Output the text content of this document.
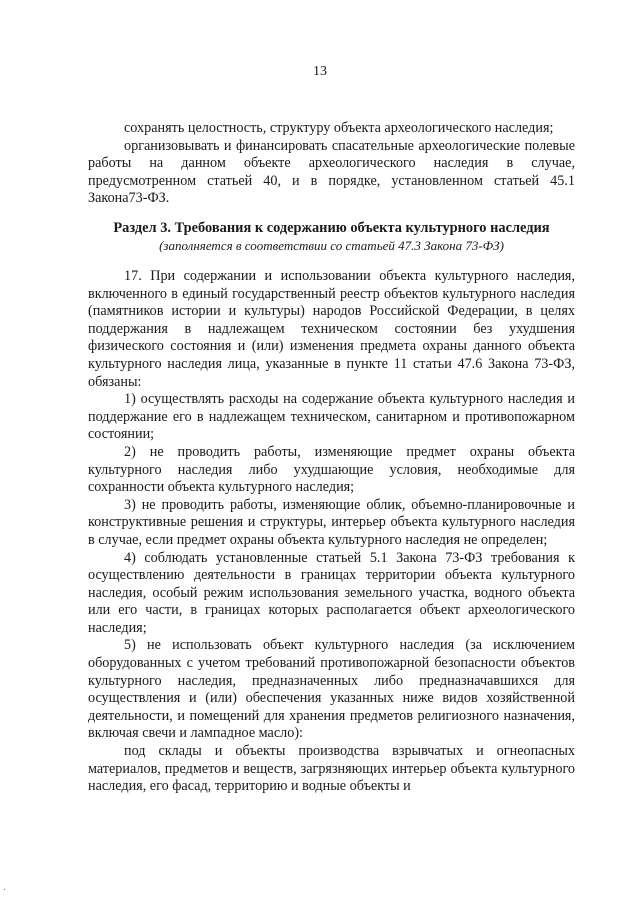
13

сохранять целостность, структуру объекта археологического наследия;

организовывать и финансировать спасательные археологические полевые работы на данном объекте археологического наследия в случае, предусмотренном статьей 40, и в порядке, установленном статьей 45.1 Закона73-ФЗ.

Раздел 3. Требования к содержанию объекта культурного наследия
(заполняется в соответствии со статьей 47.3 Закона 73-ФЗ)

17. При содержании и использовании объекта культурного наследия, включенного в единый государственный реестр объектов культурного наследия (памятников истории и культуры) народов Российской Федерации, в целях поддержания в надлежащем техническом состоянии без ухудшения физического состояния и (или) изменения предмета охраны данного объекта культурного наследия лица, указанные в пункте 11 статьи 47.6 Закона 73-ФЗ, обязаны:

1) осуществлять расходы на содержание объекта культурного наследия и поддержание его в надлежащем техническом, санитарном и противопожарном состоянии;

2) не проводить работы, изменяющие предмет охраны объекта культурного наследия либо ухудшающие условия, необходимые для сохранности объекта культурного наследия;

3) не проводить работы, изменяющие облик, объемно-планировочные и конструктивные решения и структуры, интерьер объекта культурного наследия в случае, если предмет охраны объекта культурного наследия не определен;

4) соблюдать установленные статьей 5.1 Закона 73-ФЗ требования к осуществлению деятельности в границах территории объекта культурного наследия, особый режим использования земельного участка, водного объекта или его части, в границах которых располагается объект археологического наследия;

5) не использовать объект культурного наследия (за исключением оборудованных с учетом требований противопожарной безопасности объектов культурного наследия, предназначенных либо предназначавшихся для осуществления и (или) обеспечения указанных ниже видов хозяйственной деятельности, и помещений для хранения предметов религиозного назначения, включая свечи и лампадное масло):

под склады и объекты производства взрывчатых и огнеопасных материалов, предметов и веществ, загрязняющих интерьер объекта культурного наследия, его фасад, территорию и водные объекты и

·
